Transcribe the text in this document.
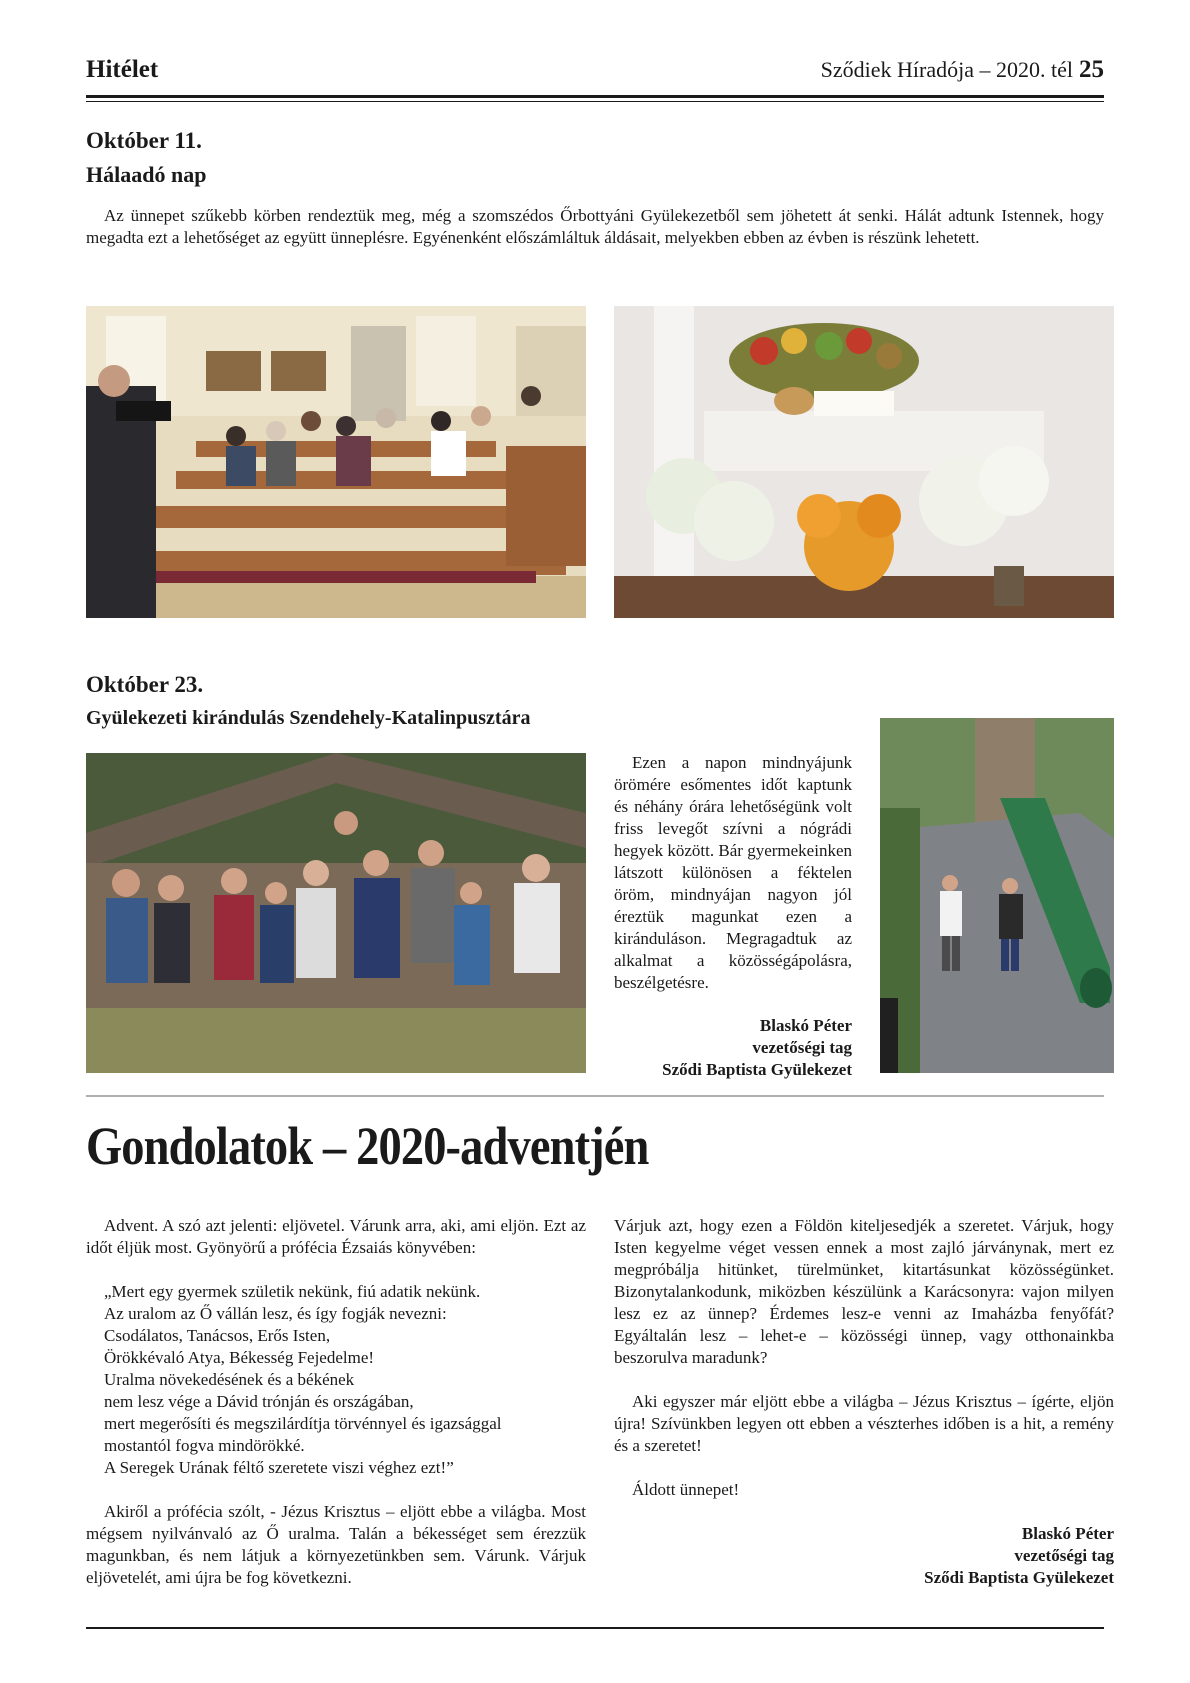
Hitélet	Sződiek Híradója – 2020. tél 25
Október 11.
Hálaadó nap
Az ünnepet szűkebb körben rendeztük meg, még a szomszédos Őrbottyáni Gyülekezetből sem jöhetett át senki. Hálát adtunk Istennek, hogy megadta ezt a lehetőséget az együtt ünneplésre. Egyénenként előszámláltuk áldásait, melyekben ebben az évben is részünk lehetett.
Október 23.
Gyülekezeti kirándulás Szendehely-Katalinpusztára
Ezen a napon mindnyájunk örömére esőmentes időt kaptunk és néhány órára lehetőségünk volt friss levegőt szívni a nógrádi hegyek között. Bár gyermekeinken látszott különösen a féktelen öröm, mindnyájan nagyon jól éreztük magunkat ezen a kiránduláson. Megragadtuk az alkalmat a közösségápolásra, beszélgetésre.
Blaskó Péter
vezetőségi tag
Sződi Baptista Gyülekezet
Gondolatok – 2020-adventjén
Advent. A szó azt jelenti: eljövetel. Várunk arra, aki, ami eljön. Ezt az időt éljük most. Gyönyörű a prófécia Ézsaiás könyvében:
„Mert egy gyermek születik nekünk, fiú adatik nekünk.
Az uralom az Ő vállán lesz, és így fogják nevezni:
Csodálatos, Tanácsos, Erős Isten,
Örökkévaló Atya, Békesség Fejedelme!
Uralma növekedésének és a békének
nem lesz vége a Dávid trónján és országában,
mert megerősíti és megszilárdítja törvénnyel és igazsággal
mostantól fogva mindörökké.
A Seregek Urának féltő szeretete viszi véghez ezt!”
Akiről a prófécia szólt, - Jézus Krisztus – eljött ebbe a világba. Most mégsem nyilvánvaló az Ő uralma. Talán a békességet sem érezzük magunkban, és nem látjuk a környezetünkben sem. Várunk. Várjuk eljövetelét, ami újra be fog következni.
Várjuk azt, hogy ezen a Földön kiteljesedjék a szeretet. Várjuk, hogy Isten kegyelme véget vessen ennek a most zajló járványnak, mert ez megpróbálja hitünket, türelmünket, kitartásunkat közösségünket. Bizonytalankodunk, miközben készülünk a Karácsonyra: vajon milyen lesz ez az ünnep? Érdemes lesz-e venni az Imaházba fenyőfát? Egyáltalán lesz – lehet-e – közösségi ünnep, vagy otthonainkba beszorulva maradunk?
Aki egyszer már eljött ebbe a világba – Jézus Krisztus – ígérte, eljön újra! Szívünkben legyen ott ebben a vészterhes időben is a hit, a remény és a szeretet!
Áldott ünnepet!
Blaskó Péter
vezetőségi tag
Sződi Baptista Gyülekezet
